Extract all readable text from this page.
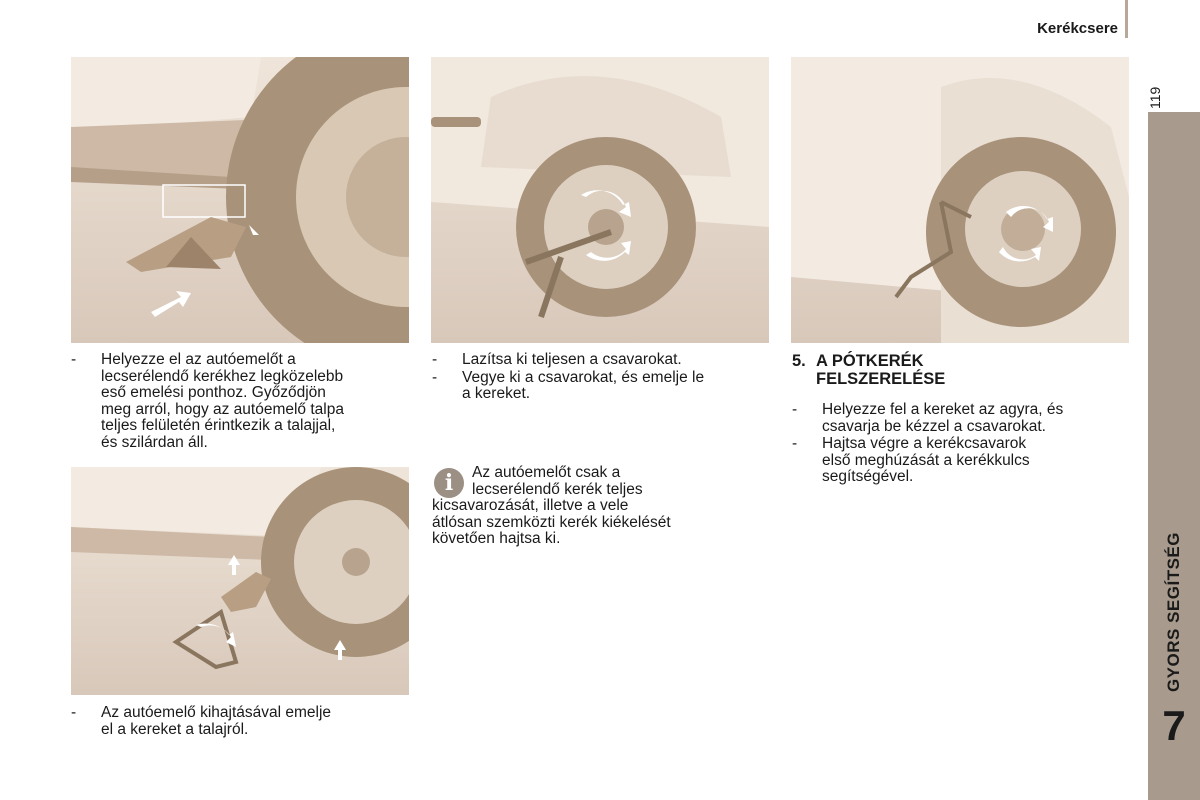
Kerékcsere
119
GYORS SEGÍTSÉG
7
- Helyezze el az autóemelőt a
lecserélendő kerékhez legközelebb
eső emelési ponthoz. Győződjön
meg arról, hogy az autóemelő talpa
teljes felületén érintkezik a talajjal,
és szilárdan áll.
- Az autóemelő kihajtásával emelje
el a kereket a talajról.
- Lazítsa ki teljesen a csavarokat.
- Vegye ki a csavarokat, és emelje le
a kereket.
i	Az autóemelőt csak a
lecserélendő kerék teljes
kicsavarozását, illetve a vele
átlósan szemközti kerék kiékelését
követően hajtsa ki.
5. A PÓTKERÉK
FELSZERELÉSE
- Helyezze fel a kereket az agyra, és
csavarja be kézzel a csavarokat.
- Hajtsa végre a kerékcsavarok
első meghúzását a kerékkulcs
segítségével.
